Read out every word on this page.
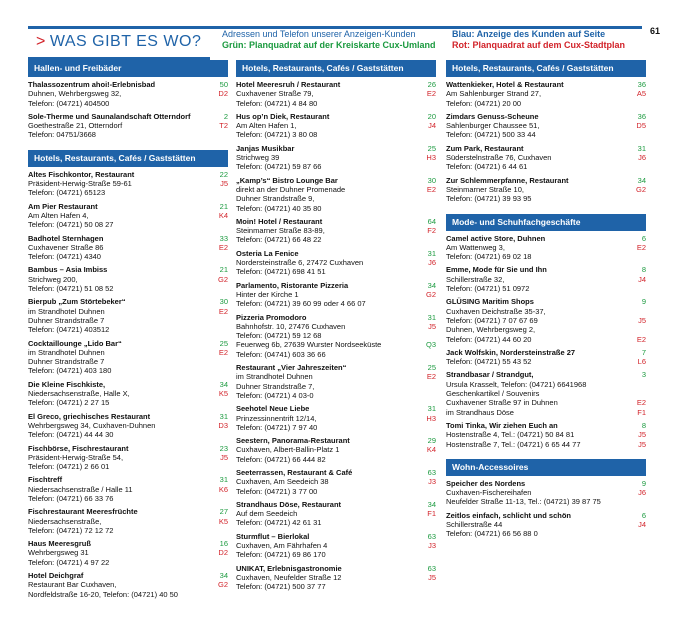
> WAS GIBT ES WO? Adressen und Telefon unserer Anzeigen-Kunden
Grün: Planquadrat auf der Kreiskarte Cux-Umland
Blau: Anzeige des Kunden auf Seite
Rot: Planquadrat auf dem Cux-Stadtplan
61
Hallen- und Freibäder
Thalassozentrum ahoi!-Erlebnisbad
Duhnen, Wehrbergsweg 32,
Telefon: (04721) 404500
50
D2
Sole-Therme und Saunalandschaft Otterndorf
Goethestraße 21, Otterndorf
Telefon: 04751/3668
2
T2
Hotels, Restaurants, Cafés / Gaststätten
Altes Fischkontor, Restaurant
Präsident-Herwig-Straße 59-61
Telefon: (04721) 65123
22
J5
Am Pier Restaurant
Am Alten Hafen 4,
Telefon: (04721) 50 08 27
21
K4
Badhotel Sternhagen
Cuxhavener Straße 86
Telefon: (04721) 4340
33
E2
Bambus – Asia Imbiss
Strichweg 200,
Telefon: (04721) 51 08 52
21
G2
Bierpub „Zum Störtebeker“
im Strandhotel Duhnen
Duhner Strandstraße 7
Telefon: (04721) 403512
30
E2
Cocktaillounge „Lido Bar“
im Strandhotel Duhnen
Duhner Strandstraße 7
Telefon: (04721) 403 180
25
E2
Die Kleine Fischkiste,
Niedersachsenstraße, Halle X,
Telefon: (04721) 2 27 15
34
K5
El Greco, griechisches Restaurant
Wehrbergsweg 34, Cuxhaven-Duhnen
Telefon: (04721) 44 44 30
31
D3
Fischbörse, Fischrestaurant
Präsident-Herwig-Straße 54,
Telefon: (04721) 2 66 01
23
J5
Fischtreff
Niedersachsenstraße / Halle 11
Telefon: (04721) 66 33 76
31
K6
Fischrestaurant Meeresfrüchte
Niedersachsenstraße,
Telefon: (04721) 72 12 72
27
K5
Haus Meeresgruß
Wehrbergsweg 31
Telefon: (04721) 4 97 22
16
D2
Hotel Deichgraf
Restaurant Bar Cuxhaven,
Nordfeldstraße 16-20, Telefon: (04721) 40 50
34
G2
Hotels, Restaurants, Cafés / Gaststätten
Hotel Meeresruh / Restaurant
Cuxhavener Straße 79,
Telefon: (04721) 4 84 80
26
E2
Hus op’n Diek, Restaurant
Am Alten Hafen 1,
Telefon: (04721) 3 80 08
20
J4
Janjas Musikbar
Strichweg 39
Telefon: (04721) 59 87 66
25
H3
„Kamp’s“ Bistro Lounge Bar
direkt an der Duhner Promenade
Duhner Strandstraße 9,
Telefon: (04721) 40 35 80
30
E2
Moin! Hotel / Restaurant
Steinmarner Straße 83-89,
Telefon: (04721) 66 48 22
64
F2
Osteria La Fenice
Nordersteinstraße 6, 27472 Cuxhaven
Telefon: (04721) 698 41 51
31
J6
Parlamento, Ristorante Pizzeria
Hinter der Kirche 1
Telefon: (04721) 39 60 99 oder 4 66 07
34
G2
Pizzeria Promodoro
Bahnhofstr. 10, 27476 Cuxhaven
Telefon: (04721) 59 12 68
Feuerweg 6b, 27639 Wurster Nordseeküste
Telefon: (04741) 603 36 66
31
J5

Q3
Restaurant „Vier Jahreszeiten“
im Strandhotel Duhnen
Duhner Strandstraße 7,
Telefon: (04721) 4 03-0
25
E2
Seehotel Neue Liebe
Prinzessinnentrift 12/14,
Telefon: (04721) 7 97 40
31
H3
Seestern, Panorama-Restaurant
Cuxhaven, Albert-Ballin-Platz 1
Telefon: (04721) 66 444 82
29
K4
Seeterrassen, Restaurant & Café
Cuxhaven, Am Seedeich 38
Telefon: (04721) 3 77 00
63
J3
Strandhaus Döse, Restaurant
Auf dem Seedeich
Telefon: (04721) 42 61 31
34
F1
Sturmflut – Bierlokal
Cuxhaven, Am Fährhafen 4
Telefon: (04721) 69 86 170
63
J3
UNIKAT, Erlebnisgastronomie
Cuxhaven, Neufelder Straße 12
Telefon: (04721) 500 37 77
63
J5
Hotels, Restaurants, Cafés / Gaststätten
Wattenkieker, Hotel & Restaurant
Am Sahlenburger Strand 27,
Telefon: (04721) 20 00
36
A5
Zimdars Genuss-Scheune
Sahlenburger Chaussee 51,
Telefon: (04721) 500 33 44
36
D5
Zum Park, Restaurant
Süderstelnstraße 76, Cuxhaven
Telefon: (04721) 6 44 61
31
J6
Zur Schlemmerpfanne, Restaurant
Steinmarner Straße 10,
Telefon: (04721) 39 93 95
34
G2
Mode- und Schuhfachgeschäfte
Camel active Store, Duhnen
Am Wattenweg 3,
Telefon: (04721) 69 02 18
6
E2
Emme, Mode für Sie und Ihn
Schillerstraße 32,
Telefon: (04721) 51 0972
8
J4
GLÜSING Maritim Shops
Cuxhaven Deichstraße 35-37,
Telefon: (04721) 7 07 67 69
Duhnen, Wehrbergsweg 2,
Telefon: (04721) 44 60 20
9

J5

E2
Jack Wolfskin, Nordersteinstraße 27
Telefon: (04721) 55 43 52
7
L6
Strandbasar / Strandgut,
Ursula Krasselt, Telefon: (04721) 6641968
Geschenkartikel / Souvenirs
Cuxhavener Straße 97 in Duhnen
im Strandhaus Döse
3

E2
F1
Tomi Tinka, Wir ziehen Euch an
Hostenstraße 4, Tel.: (04721) 50 84 81
Hostenstraße 7, Tel.: (04721) 6 65 44 77
8
J5
J5
Wohn-Accessoires
Speicher des Nordens
Cuxhaven-Fischereihafen
Neufelder Straße 11-13, Tel.: (04721) 39 87 75
9
J6
Zeitlos einfach, schlicht und schön
Schillerstraße 44
Telefon: (04721) 66 56 88 0
6
J4
